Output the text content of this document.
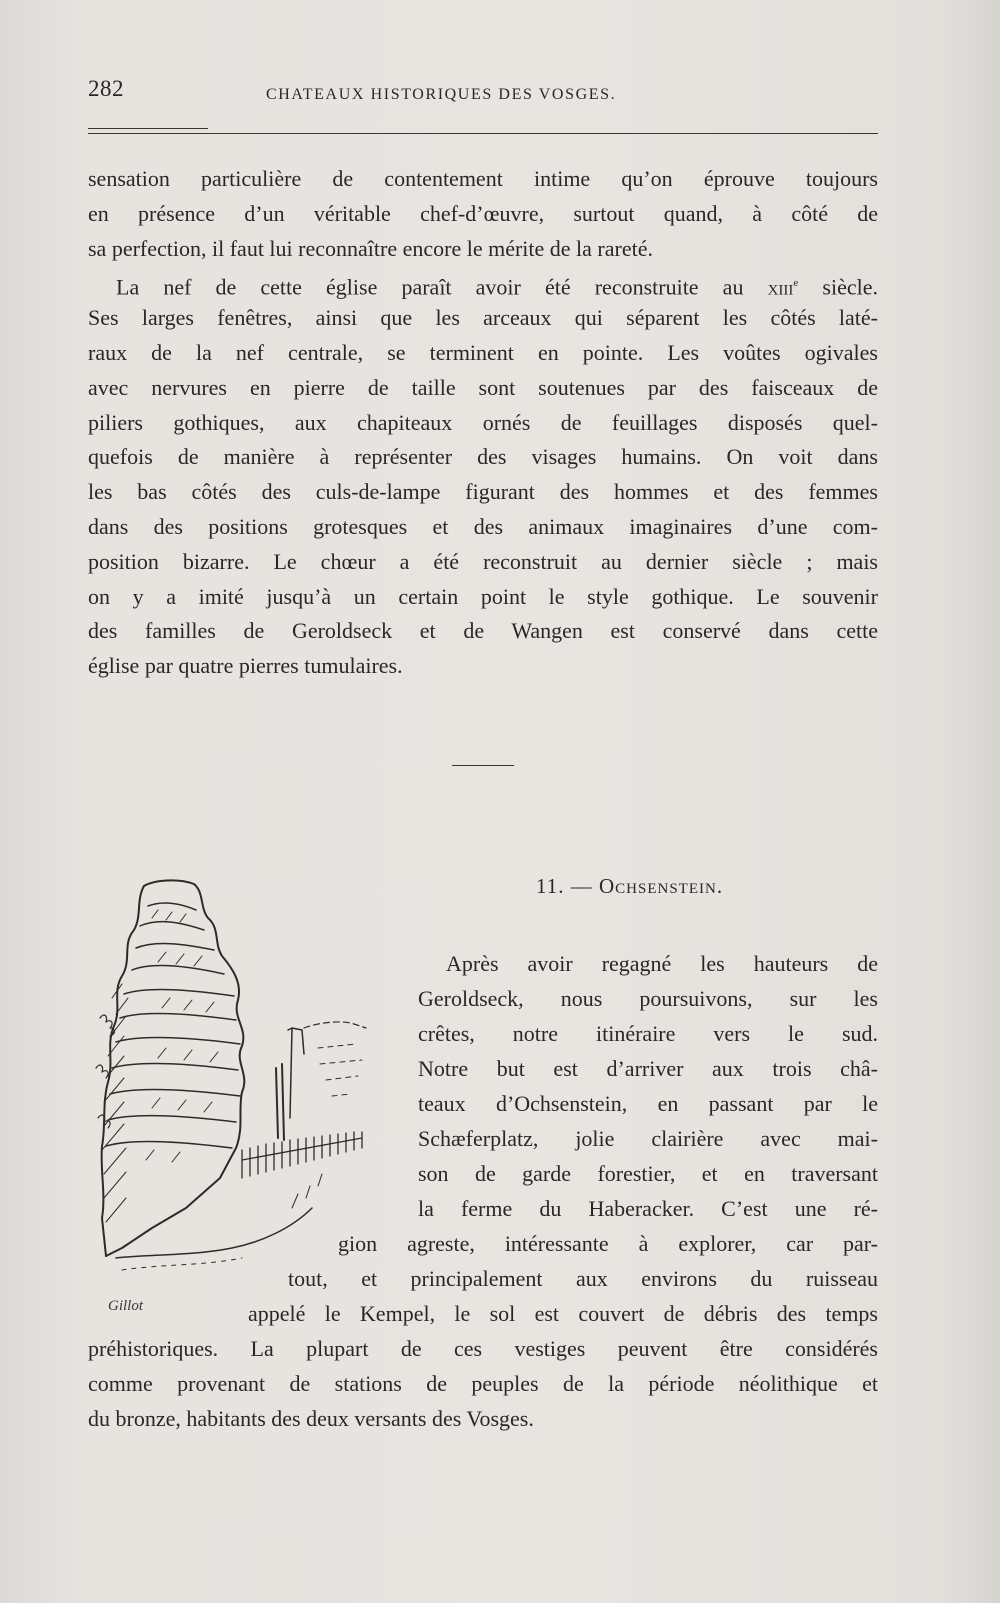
282	CHATEAUX HISTORIQUES DES VOSGES.
sensation particulière de contentement intime qu’on éprouve toujours
en présence d’un véritable chef-d’œuvre, surtout quand, à côté de
sa perfection, il faut lui reconnaître encore le mérite de la rareté.
La nef de cette église paraît avoir été reconstruite au xiii$^e$ siècle.
Ses larges fenêtres, ainsi que les arceaux qui séparent les côtés laté-
raux de la nef centrale, se terminent en pointe. Les voûtes ogivales
avec nervures en pierre de taille sont soutenues par des faisceaux de
piliers gothiques, aux chapiteaux ornés de feuillages disposés quel-
quefois de manière à représenter des visages humains. On voit dans
les bas côtés des culs-de-lampe figurant des hommes et des femmes
dans des positions grotesques et des animaux imaginaires d’une com-
position bizarre. Le chœur a été reconstruit au dernier siècle ; mais
on y a imité jusqu’à un certain point le style gothique. Le souvenir
des familles de Geroldseck et de Wangen est conservé dans cette
église par quatre pierres tumulaires.
11. — Ochsenstein.
Gillot
Après avoir regagné les hauteurs de
Geroldseck, nous poursuivons, sur les
crêtes, notre itinéraire vers le sud.
Notre but est d’arriver aux trois châ-
teaux d’Ochsenstein, en passant par le
Schæferplatz, jolie clairière avec mai-
son de garde forestier, et en traversant
la ferme du Haberacker. C’est une ré-
gion agreste, intéressante à explorer, car par-
tout, et principalement aux environs du ruisseau
appelé le Kempel, le sol est couvert de débris des temps
préhistoriques. La plupart de ces vestiges peuvent être considérés
comme provenant de stations de peuples de la période néolithique et
du bronze, habitants des deux versants des Vosges.
